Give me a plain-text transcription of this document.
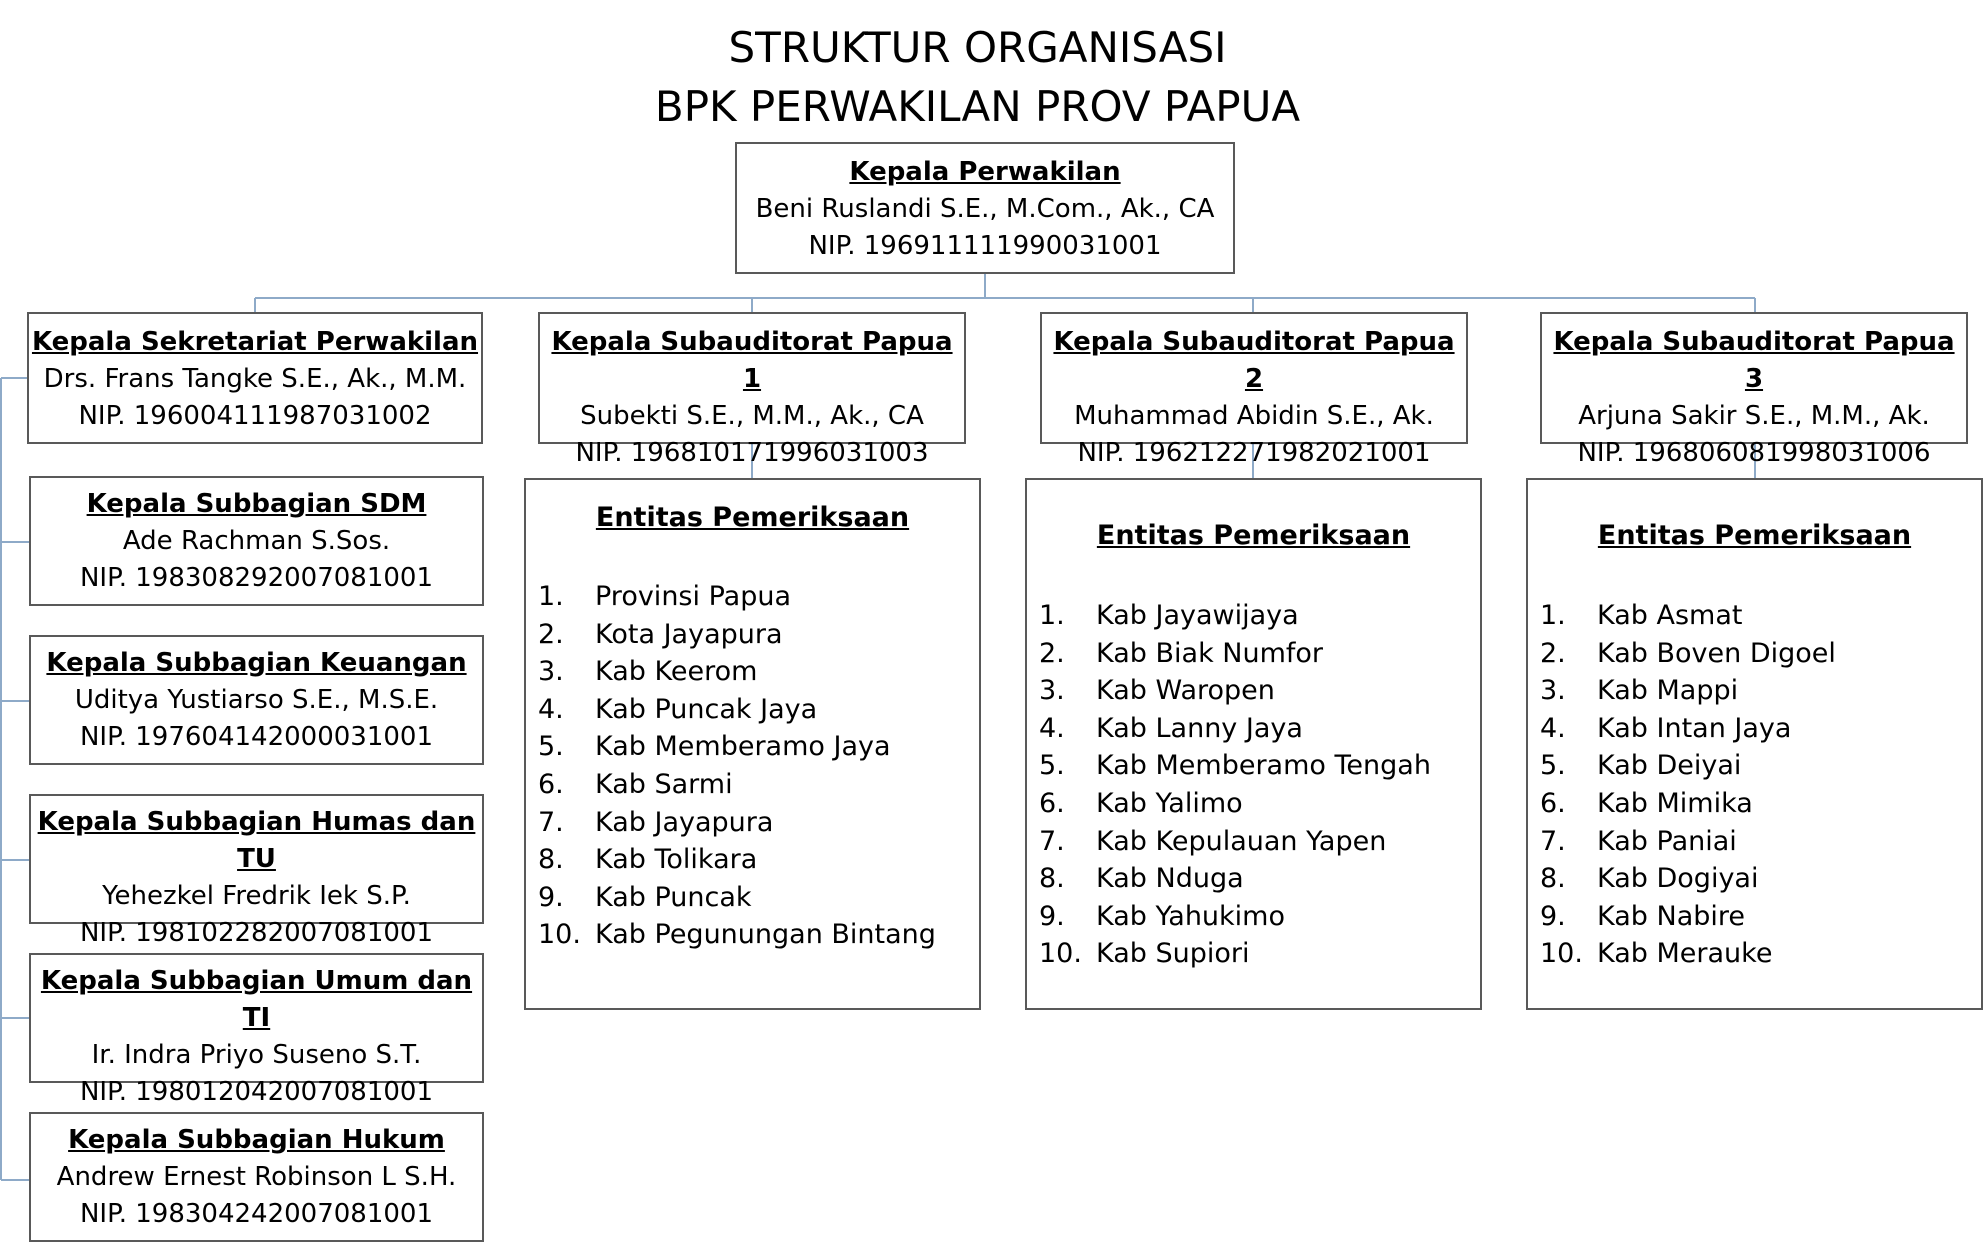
STRUKTUR ORGANISASI
BPK PERWAKILAN PROV PAPUA
Kepala Perwakilan
Beni Ruslandi S.E., M.Com., Ak., CA
NIP. 196911111990031001
Kepala Sekretariat Perwakilan
Drs. Frans Tangke S.E., Ak., M.M.
NIP. 196004111987031002
Kepala Subauditorat Papua 1
Subekti S.E., M.M., Ak., CA
NIP. 196810171996031003
Kepala Subauditorat Papua 2
Muhammad Abidin S.E., Ak.
NIP. 196212271982021001
Kepala Subauditorat Papua 3
Arjuna Sakir S.E., M.M., Ak.
NIP. 196806081998031006
Kepala Subbagian SDM
Ade Rachman S.Sos.
NIP. 198308292007081001
Kepala Subbagian Keuangan
Uditya Yustiarso S.E., M.S.E.
NIP. 197604142000031001
Kepala Subbagian Humas dan TU
Yehezkel Fredrik Iek S.P.
NIP. 198102282007081001
Kepala Subbagian Umum dan TI
Ir. Indra Priyo Suseno S.T.
NIP. 198012042007081001
Kepala Subbagian Hukum
Andrew Ernest Robinson L S.H.
NIP. 198304242007081001
Entitas Pemeriksaan
1. Provinsi Papua
2. Kota Jayapura
3. Kab Keerom
4. Kab Puncak Jaya
5. Kab Memberamo Jaya
6. Kab Sarmi
7. Kab Jayapura
8. Kab Tolikara
9. Kab Puncak
10. Kab Pegunungan Bintang
Entitas Pemeriksaan
1. Kab Jayawijaya
2. Kab Biak Numfor
3. Kab Waropen
4. Kab Lanny Jaya
5. Kab Memberamo Tengah
6. Kab Yalimo
7. Kab Kepulauan Yapen
8. Kab Nduga
9. Kab Yahukimo
10. Kab Supiori
Entitas Pemeriksaan
1. Kab Asmat
2. Kab Boven Digoel
3. Kab Mappi
4. Kab Intan Jaya
5. Kab Deiyai
6. Kab Mimika
7. Kab Paniai
8. Kab Dogiyai
9. Kab Nabire
10. Kab Merauke
